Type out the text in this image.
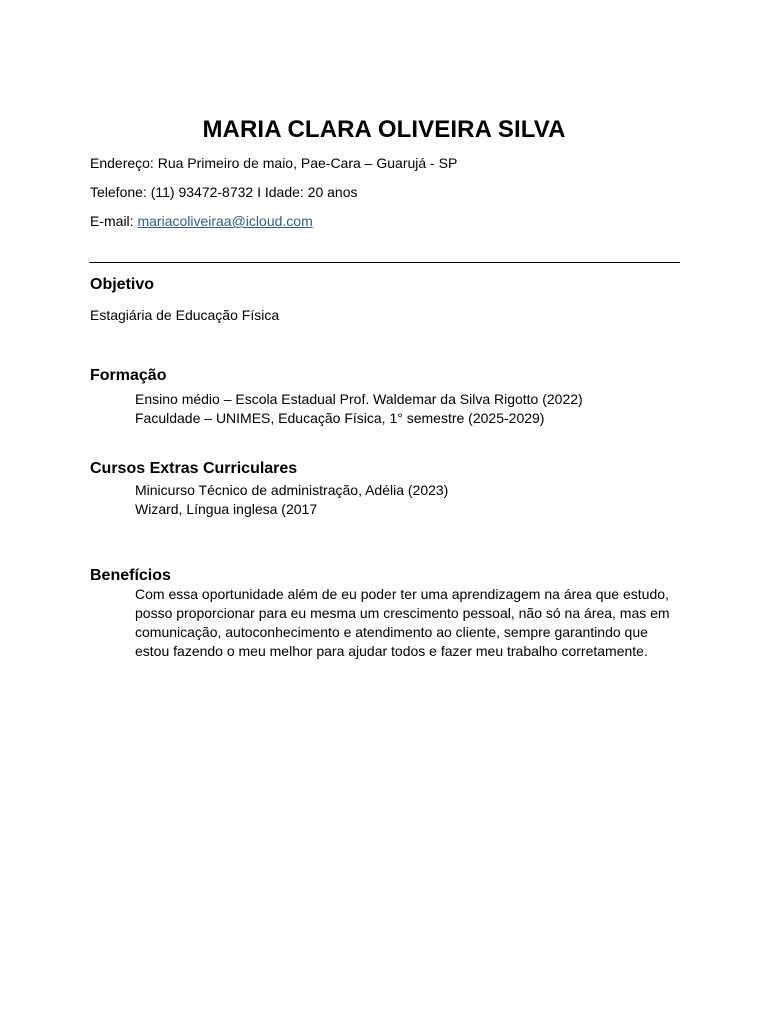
MARIA CLARA OLIVEIRA SILVA
Endereço: Rua Primeiro de maio, Pae-Cara – Guarujá - SP
Telefone: (11) 93472-8732 I Idade: 20 anos
E-mail: mariacoliveiraa@icloud.com
Objetivo
Estagiária de Educação Física
Formação
Ensino médio – Escola Estadual Prof. Waldemar da Silva Rigotto (2022)
Faculdade – UNIMES, Educação Física, 1° semestre (2025-2029)
Cursos Extras Curriculares
Minicurso Técnico de administração, Adélia (2023)
Wizard, Língua inglesa (2017
Benefícios
Com essa oportunidade além de eu poder ter uma aprendizagem na área que estudo, posso proporcionar para eu mesma um crescimento pessoal, não só na área, mas em comunicação, autoconhecimento e atendimento ao cliente, sempre garantindo que estou fazendo o meu melhor para ajudar todos e fazer meu trabalho corretamente.
